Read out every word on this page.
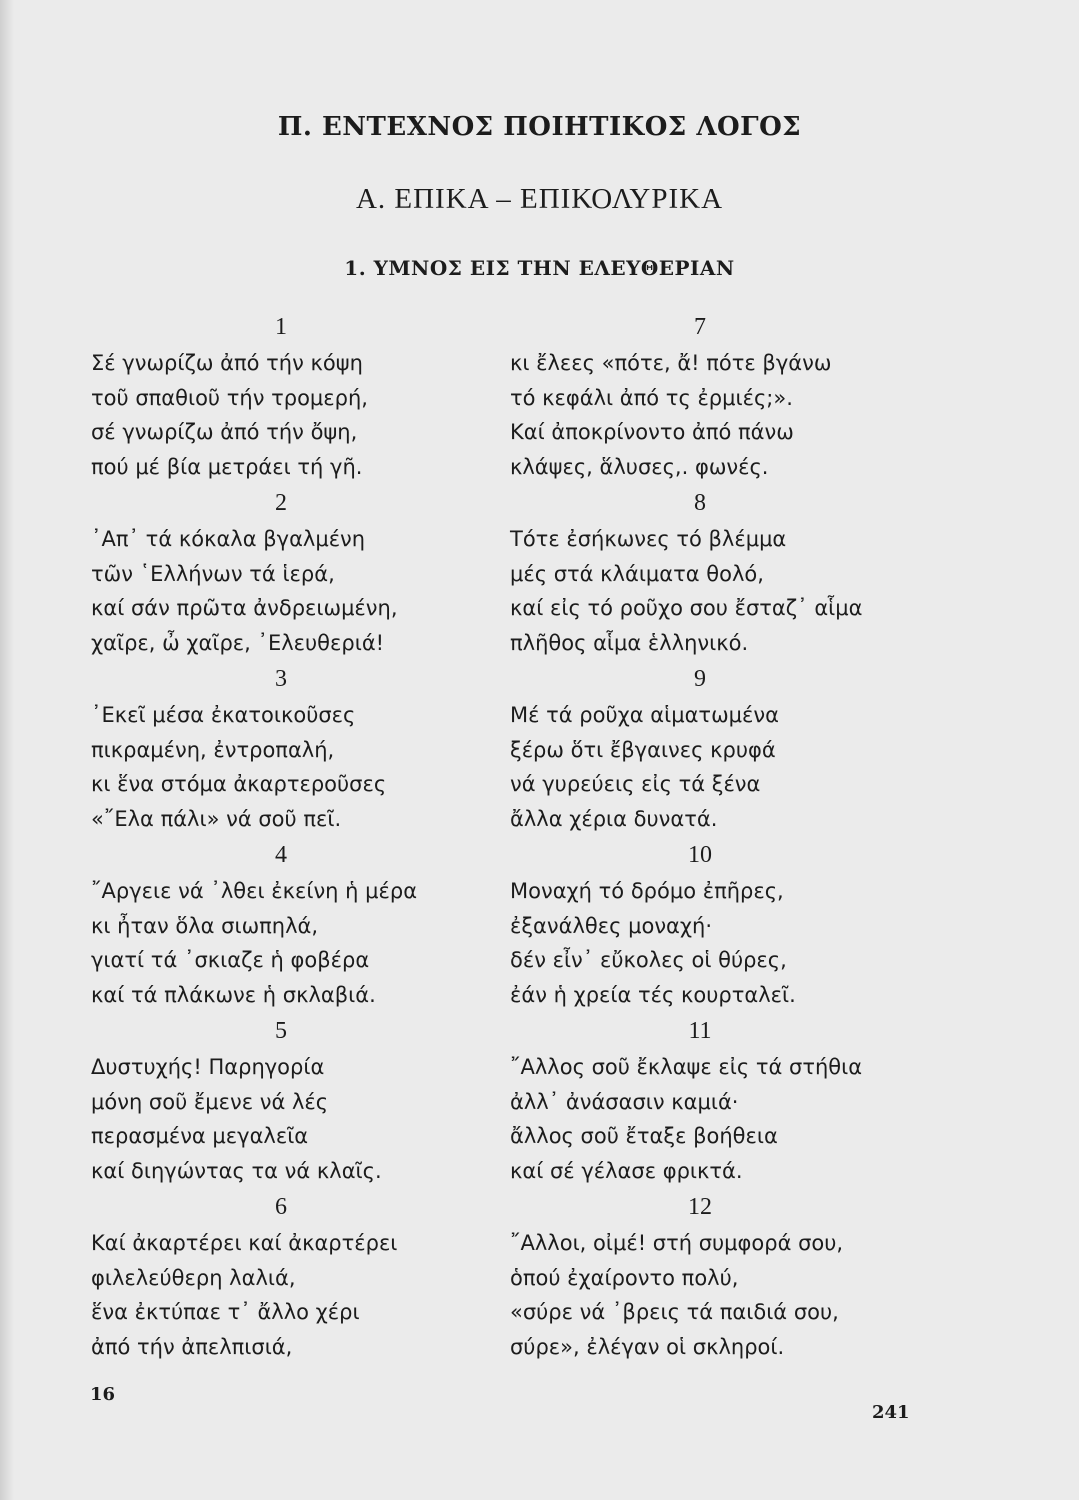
Π. ΕΝΤΕΧΝΟΣ ΠΟΙΗΤΙΚΟΣ ΛΟΓΟΣ
Α. ΕΠΙΚΑ – ΕΠΙΚΟΛΥΡΙΚΑ
1. ΥΜΝΟΣ ΕΙΣ ΤΗΝ ΕΛΕΥΘΕΡΙΑΝ
1
Σέ γνωρίζω ἀπό τήν κόψη
τοῦ σπαθιοῦ τήν τρομερή,
σέ γνωρίζω ἀπό τήν ὄψη,
πού μέ βία μετράει τή γῆ.
2
᾿Απ᾿ τά κόκαλα βγαλμένη
τῶν ῾Ελλήνων τά ἱερά,
καί σάν πρῶτα ἀνδρειωμένη,
χαῖρε, ὦ χαῖρε, ᾿Ελευθεριά!
3
᾿Εκεῖ μέσα ἐκατοικοῦσες
πικραμένη, ἐντροπαλή,
κι ἕνα στόμα ἀκαρτεροῦσες
«῎Ελα πάλι» νά σοῦ πεῖ.
4
῎Αργειε νά ᾿λθει ἐκείνη ἡ μέρα
κι ἦταν ὅλα σιωπηλά,
γιατί τά ᾿σκιαζε ἡ φοβέρα
καί τά πλάκωνε ἡ σκλαβιά.
5
Δυστυχής! Παρηγορία
μόνη σοῦ ἔμενε νά λές
περασμένα μεγαλεῖα
καί διηγώντας τα νά κλαῖς.
6
Καί ἀκαρτέρει καί ἀκαρτέρει
φιλελεύθερη λαλιά,
ἕνα ἐκτύπαε τ᾿ ἄλλο χέρι
ἀπό τήν ἀπελπισιά,
7
κι ἔλεες «πότε, ἄ! πότε βγάνω
τό κεφάλι ἀπό τς ἐρμιές;».
Καί ἀποκρίνοντο ἀπό πάνω
κλάψες, ἅλυσες,. φωνές.
8
Τότε ἐσήκωνες τό βλέμμα
μές στά κλάιματα θολό,
καί εἰς τό ροῦχο σου ἔσταζ᾿ αἷμα
πλῆθος αἷμα ἑλληνικό.
9
Μέ τά ροῦχα αἱματωμένα
ξέρω ὅτι ἔβγαινες κρυφά
νά γυρεύεις εἰς τά ξένα
ἄλλα χέρια δυνατά.
10
Μοναχή τό δρόμο ἐπῆρες,
ἐξανάλθες μοναχή·
δέν εἶν᾿ εὔκολες οἱ θύρες,
ἐάν ἡ χρεία τές κουρταλεῖ.
11
῎Αλλος σοῦ ἔκλαψε εἰς τά στήθια
ἀλλ᾿ ἀνάσασιν καμιά·
ἄλλος σοῦ ἔταξε βοήθεια
καί σέ γέλασε φρικτά.
12
῎Αλλοι, οἰμέ! στή συμφορά σου,
ὁπού ἐχαίροντο πολύ,
«σύρε νά ᾿βρεις τά παιδιά σου,
σύρε», ἐλέγαν οἱ σκληροί.
16
241
